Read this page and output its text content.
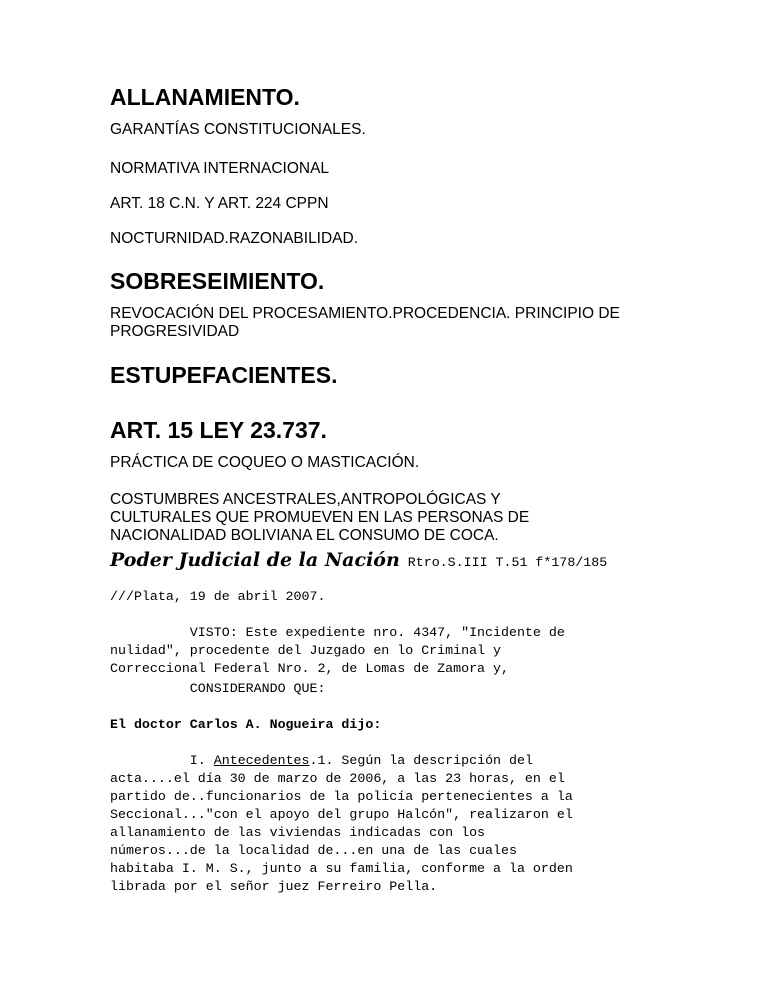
ALLANAMIENTO.

GARANTÍAS CONSTITUCIONALES.

NORMATIVA INTERNACIONAL

ART. 18 C.N. Y ART. 224 CPPN

NOCTURNIDAD.RAZONABILIDAD.

SOBRESEIMIENTO.

REVOCACIÓN DEL PROCESAMIENTO.PROCEDENCIA. PRINCIPIO DE PROGRESIVIDAD

ESTUPEFACIENTES.
ART. 15 LEY 23.737.

PRÁCTICA DE COQUEO O MASTICACIÓN.

COSTUMBRES ANCESTRALES,ANTROPOLÓGICAS Y CULTURALES QUE PROMUEVEN EN LAS PERSONAS DE NACIONALIDAD BOLIVIANA EL CONSUMO DE COCA.

Poder Judicial de la Nación Rtro.S.III T.51 f*178/185

///Plata, 19 de abril 2007.

VISTO: Este expediente nro. 4347, "Incidente de
nulidad", procedente del Juzgado en lo Criminal y
Correccional Federal Nro. 2, de Lomas de Zamora y,

CONSIDERANDO QUE:

El doctor Carlos A. Nogueira dijo:

I. Antecedentes.1. Según la descripción del
acta....el día 30 de marzo de 2006, a las 23 horas, en el
partido de..funcionarios de la policía pertenecientes a la
Seccional..."con el apoyo del grupo Halcón", realizaron el
allanamiento de las viviendas indicadas con los
números...de la localidad de...en una de las cuales
habitaba I. M. S., junto a su familia, conforme a la orden
librada por el señor juez Ferreiro Pella.
